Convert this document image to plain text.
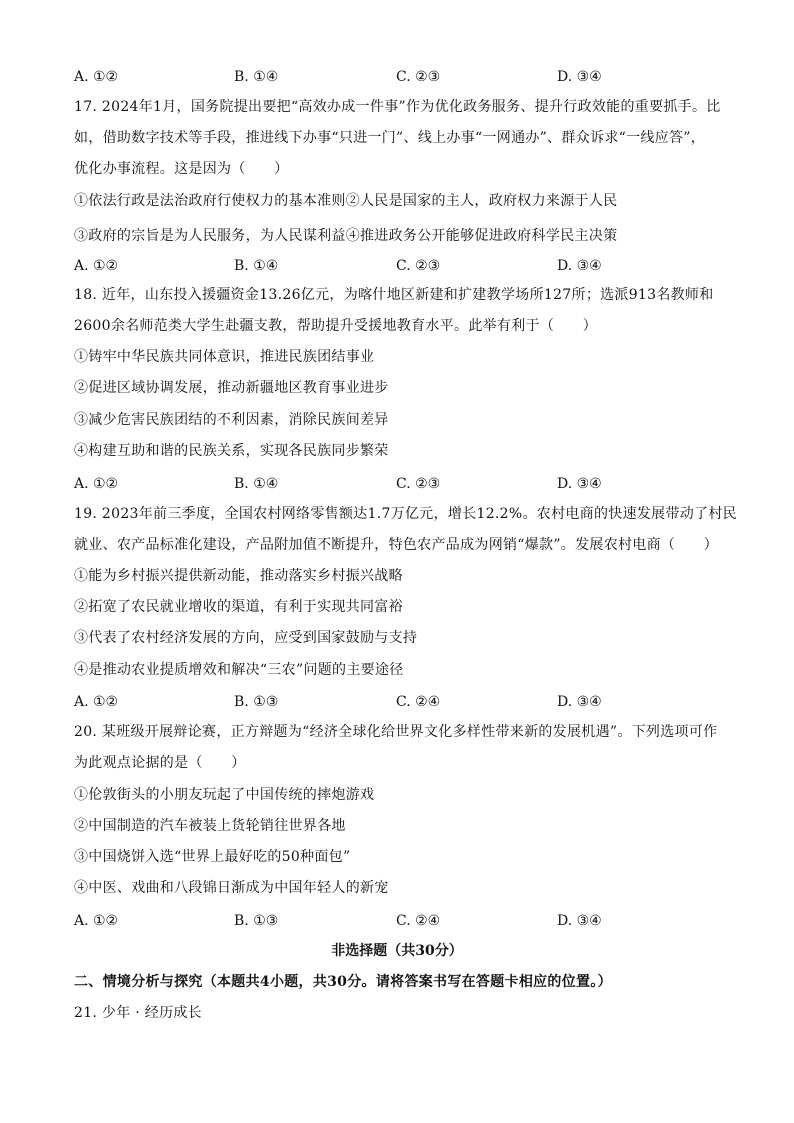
A. ①②	B. ①④	C. ②③	D. ③④
17. 2024年1月，国务院提出要把“高效办成一件事”作为优化政务服务、提升行政效能的重要抓手。比
如，借助数字技术等手段，推进线下办事“只进一门”、线上办事“一网通办”、群众诉求“一线应答”，
优化办事流程。这是因为（　　）
①依法行政是法治政府行使权力的基本准则②人民是国家的主人，政府权力来源于人民
③政府的宗旨是为人民服务，为人民谋利益④推进政务公开能够促进政府科学民主决策
A. ①②	B. ①④	C. ②③	D. ③④
18. 近年，山东投入援疆资金13.26亿元，为喀什地区新建和扩建教学场所127所；选派913名教师和
2600余名师范类大学生赴疆支教，帮助提升受援地教育水平。此举有利于（　　）
①铸牢中华民族共同体意识，推进民族团结事业
②促进区域协调发展，推动新疆地区教育事业进步
③减少危害民族团结的不利因素，消除民族间差异
④构建互助和谐的民族关系，实现各民族同步繁荣
A. ①②	B. ①④	C. ②③	D. ③④
19. 2023年前三季度，全国农村网络零售额达1.7万亿元，增长12.2%。农村电商的快速发展带动了村民
就业、农产品标准化建设，产品附加值不断提升，特色农产品成为网销“爆款”。发展农村电商（　　）
①能为乡村振兴提供新动能，推动落实乡村振兴战略
②拓宽了农民就业增收的渠道，有利于实现共同富裕
③代表了农村经济发展的方向，应受到国家鼓励与支持
④是推动农业提质增效和解决“三农”问题的主要途径
A. ①②	B. ①③	C. ②④	D. ③④
20. 某班级开展辩论赛，正方辩题为“经济全球化给世界文化多样性带来新的发展机遇”。下列选项可作
为此观点论据的是（　　）
①伦敦街头的小朋友玩起了中国传统的摔炮游戏
②中国制造的汽车被装上货轮销往世界各地
③中国烧饼入选“世界上最好吃的50种面包”
④中医、戏曲和八段锦日渐成为中国年轻人的新宠
A. ①②	B. ①③	C. ②④	D. ③④
非选择题（共30分）
二、情境分析与探究（本题共4小题，共30分。请将答案书写在答题卡相应的位置。）
21. 少年 · 经历成长
